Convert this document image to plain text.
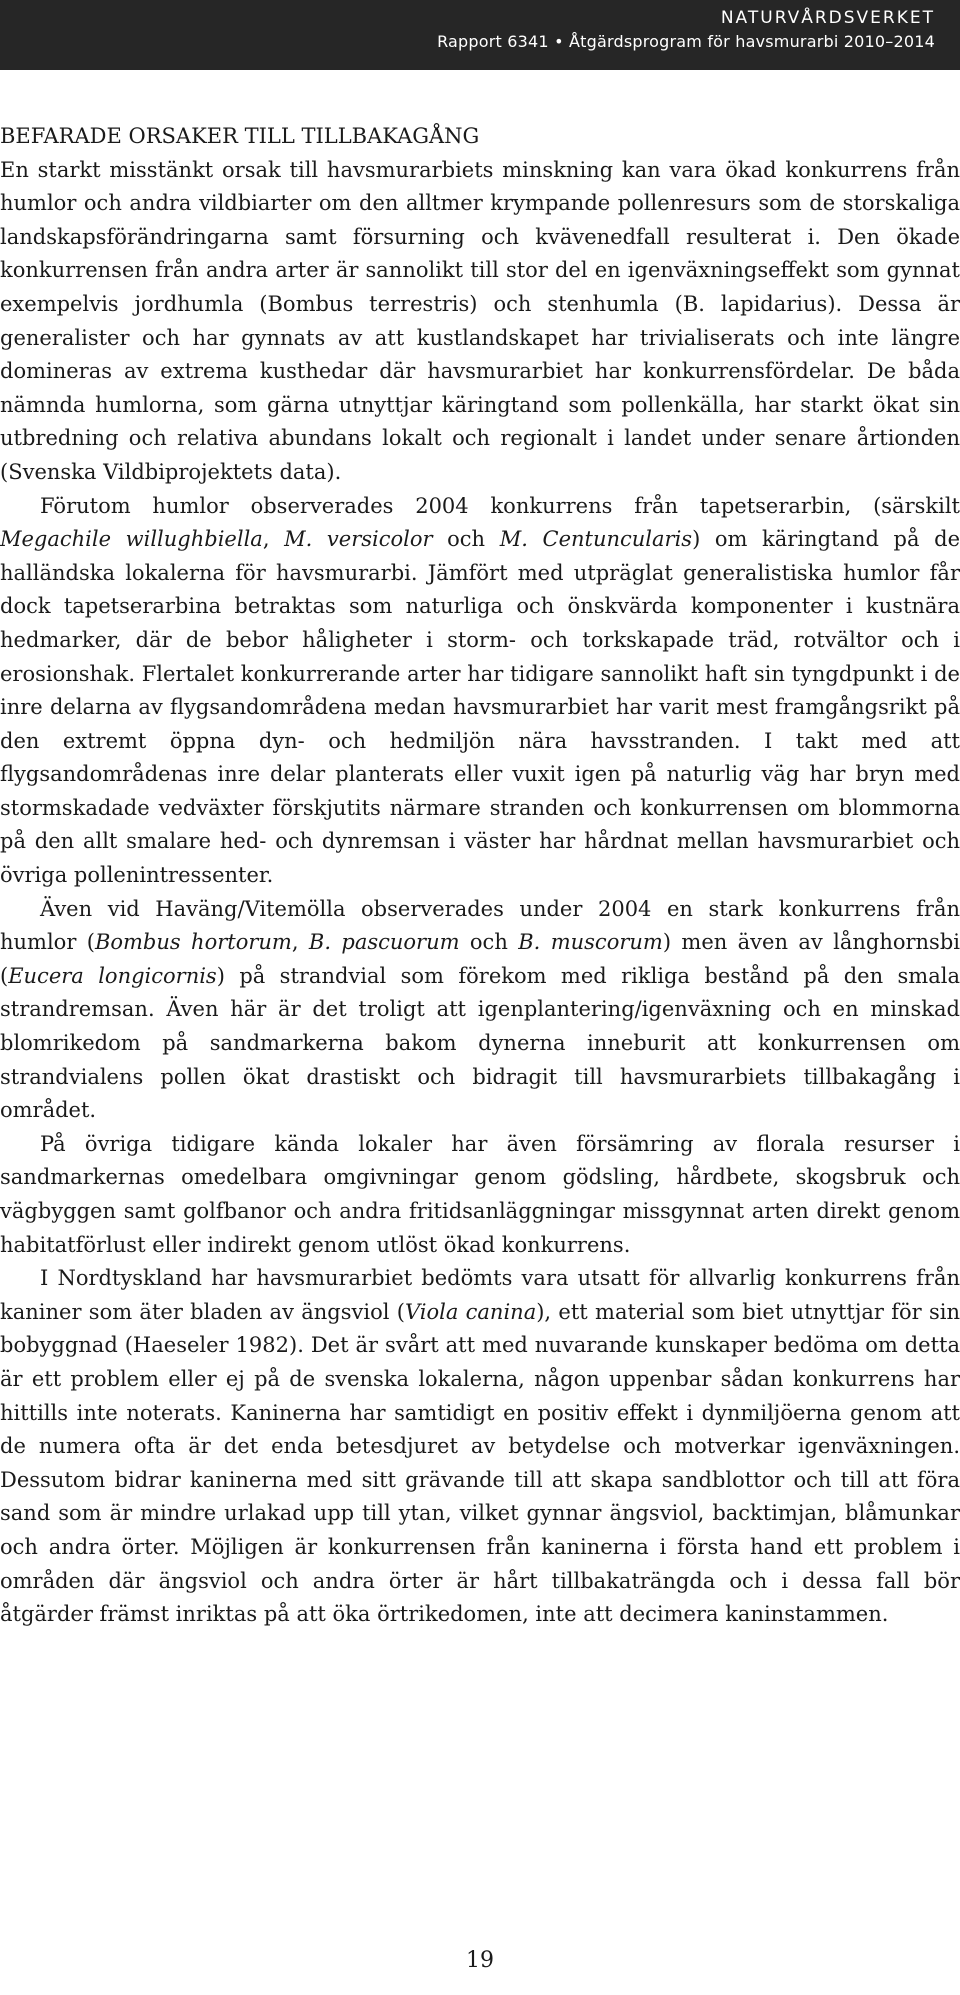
NATURVÅRDSVERKET
Rapport 6341 • Åtgärdsprogram för havsmurarbi 2010–2014
BEFARADE ORSAKER TILL TILLBAKAGÅNG

En starkt misstänkt orsak till havsmurarbiets minskning kan vara ökad konkurrens från humlor och andra vildbiarter om den alltmer krympande pollenresurs som de storskaliga landskapsförändringarna samt försurning och kvävenedfall resulterat i. Den ökade konkurrensen från andra arter är sannolikt till stor del en igenväxningseffekt som gynnat exempelvis jordhumla (Bombus terrestris) och stenhumla (B. lapidarius). Dessa är generalister och har gynnats av att kustlandskapet har trivialiserats och inte längre domineras av extrema kusthedar där havsmurarbiet har konkurrensfördelar. De båda nämnda humlorna, som gärna utnyttjar käringtand som pollenkälla, har starkt ökat sin utbredning och relativa abundans lokalt och regionalt i landet under senare årtionden (Svenska Vildbiprojektets data).

Förutom humlor observerades 2004 konkurrens från tapetserarbin, (särskilt Megachile willughbiella, M. versicolor och M. Centuncularis) om käringtand på de halländska lokalerna för havsmurarbi. Jämfört med utpräglat generalistiska humlor får dock tapetserarbina betraktas som naturliga och önskvärda komponenter i kustnära hedmarker, där de bebor håligheter i storm- och torkskapade träd, rotvältor och i erosionshak. Flertalet konkurrerande arter har tidigare sannolikt haft sin tyngdpunkt i de inre delarna av flygsandområdena medan havsmurarbiet har varit mest framgångsrikt på den extremt öppna dyn- och hedmiljön nära havsstranden. I takt med att flygsandområdenas inre delar planterats eller vuxit igen på naturlig väg har bryn med stormskadade vedväxter förskjutits närmare stranden och konkurrensen om blommorna på den allt smalare hed- och dynremsan i väster har hårdnat mellan havsmurarbiet och övriga pollenintressenter.

Även vid Haväng/Vitemölla observerades under 2004 en stark konkurrens från humlor (Bombus hortorum, B. pascuorum och B. muscorum) men även av långhornsbi (Eucera longicornis) på strandvial som förekom med rikliga bestånd på den smala strandremsan. Även här är det troligt att igenplantering/igenväxning och en minskad blomrikedom på sandmarkerna bakom dynerna inneburit att konkurrensen om strandvialens pollen ökat drastiskt och bidragit till havsmurarbiets tillbakagång i området.

På övriga tidigare kända lokaler har även försämring av florala resurser i sandmarkernas omedelbara omgivningar genom gödsling, hårdbete, skogsbruk och vägbyggen samt golfbanor och andra fritidsanläggningar missgynnat arten direkt genom habitatförlust eller indirekt genom utlöst ökad konkurrens.

I Nordtyskland har havsmurarbiet bedömts vara utsatt för allvarlig konkurrens från kaniner som äter bladen av ängsviol (Viola canina), ett material som biet utnyttjar för sin bobyggnad (Haeseler 1982). Det är svårt att med nuvarande kunskaper bedöma om detta är ett problem eller ej på de svenska lokalerna, någon uppenbar sådan konkurrens har hittills inte noterats. Kaninerna har samtidigt en positiv effekt i dynmiljöerna genom att de numera ofta är det enda betesdjuret av betydelse och motverkar igenväxningen. Dessutom bidrar kaninerna med sitt grävande till att skapa sandblottor och till att föra sand som är mindre urlakad upp till ytan, vilket gynnar ängsviol, backtimjan, blåmunkar och andra örter. Möjligen är konkurrensen från kaninerna i första hand ett problem i områden där ängsviol och andra örter är hårt tillbakaträngda och i dessa fall bör åtgärder främst inriktas på att öka örtrikedomen, inte att decimera kaninstammen.

19
